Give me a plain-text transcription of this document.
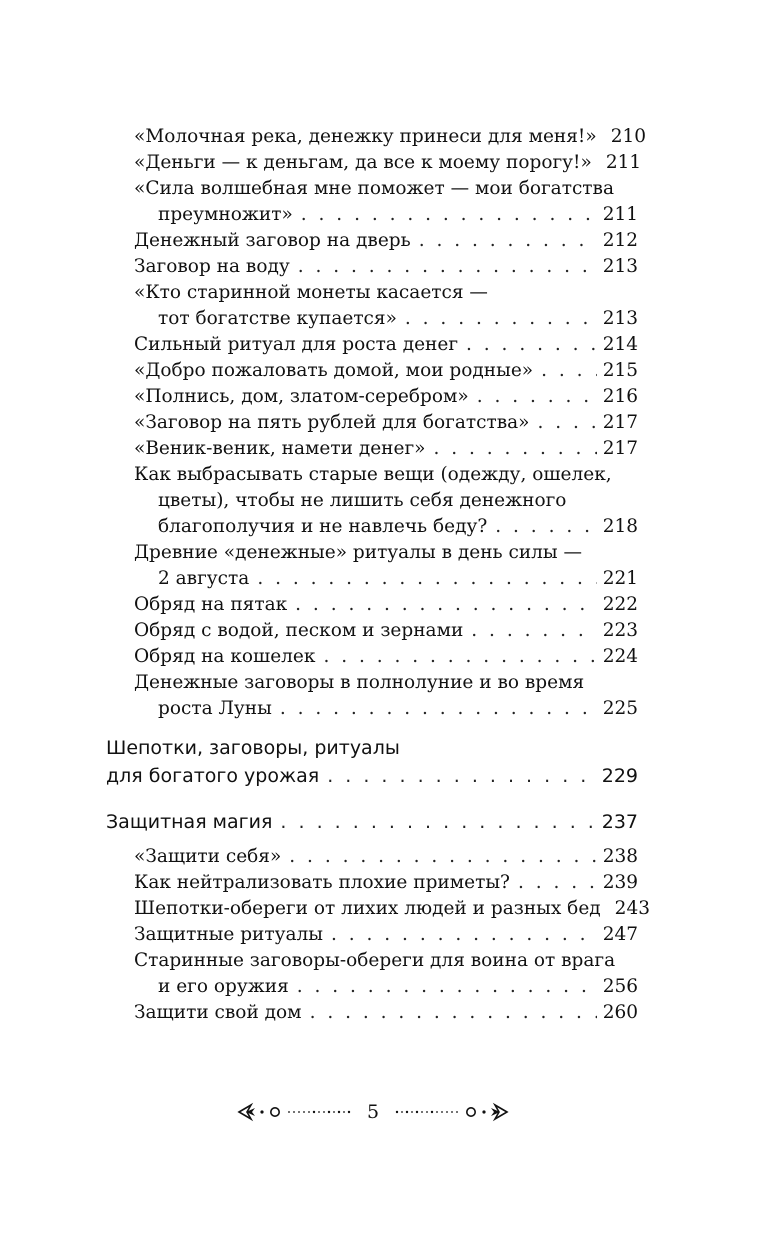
«Молочная река, денежку принеси для меня!» 210
«Деньги — к деньгам, да все к моему порогу!» 211
«Сила волшебная мне поможет — мои богатства
преумножит» . . .	211
Денежный заговор на дверь . . .	212
Заговор на воду . . .	213
«Кто старинной монеты касается —
тот богатстве купается» . . .	213
Сильный ритуал для роста денег . . .	214
«Добро пожаловать домой, мои родные» . . .	215
«Полнись, дом, златом-серебром» . . .	216
«Заговор на пять рублей для богатства» . . .	217
«Веник-веник, намети денег» . . .	217
Как выбрасывать старые вещи (одежду, ошелек,
цветы), чтобы не лишить себя денежного
благополучия и не навлечь беду? . . .	218
Древние «денежные» ритуалы в день силы —
2 августа . . .	221
Обряд на пятак . . .	222
Обряд с водой, песком и зернами . . .	223
Обряд на кошелек . . .	224
Денежные заговоры в полнолуние и во время
роста Луны . . .	225
Шепотки, заговоры, ритуалы
для богатого урожая . . .	229
Защитная магия . . .	237
«Защити себя» . . .	238
Как нейтрализовать плохие приметы? . . .	239
Шепотки-обереги от лихих людей и разных бед 243
Защитные ритуалы . . .	247
Старинные заговоры-обереги для воина от врага
и его оружия . . .	256
Защити свой дом . . .	260
5
